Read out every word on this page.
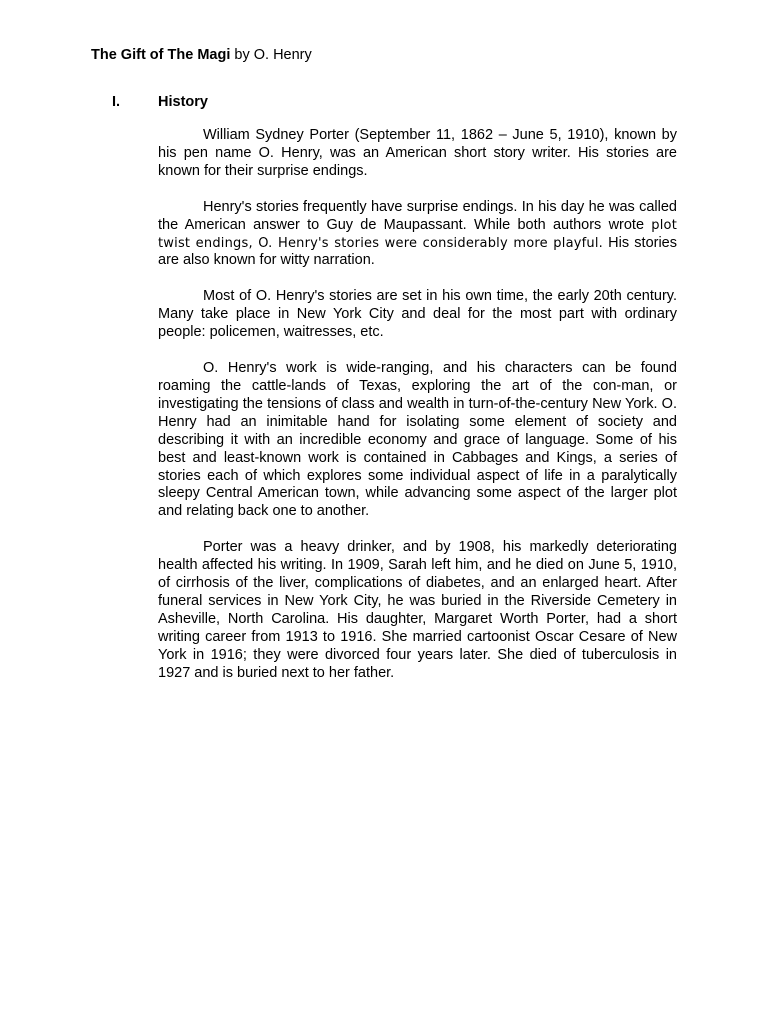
The Gift of The Magi by O. Henry
I.	History

William Sydney Porter (September 11, 1862 – June 5, 1910), known by his pen name O. Henry, was an American short story writer. His stories are known for their surprise endings.

Henry's stories frequently have surprise endings. In his day he was called the American answer to Guy de Maupassant. While both authors wrote plot twist endings, O. Henry's stories were considerably more playful. His stories are also known for witty narration.

Most of O. Henry's stories are set in his own time, the early 20th century. Many take place in New York City and deal for the most part with ordinary people: policemen, waitresses, etc.

O. Henry's work is wide-ranging, and his characters can be found roaming the cattle-lands of Texas, exploring the art of the con-man, or investigating the tensions of class and wealth in turn-of-the-century New York. O. Henry had an inimitable hand for isolating some element of society and describing it with an incredible economy and grace of language. Some of his best and least-known work is contained in Cabbages and Kings, a series of stories each of which explores some individual aspect of life in a paralytically sleepy Central American town, while advancing some aspect of the larger plot and relating back one to another.

Porter was a heavy drinker, and by 1908, his markedly deteriorating health affected his writing. In 1909, Sarah left him, and he died on June 5, 1910, of cirrhosis of the liver, complications of diabetes, and an enlarged heart. After funeral services in New York City, he was buried in the Riverside Cemetery in Asheville, North Carolina. His daughter, Margaret Worth Porter, had a short writing career from 1913 to 1916. She married cartoonist Oscar Cesare of New York in 1916; they were divorced four years later. She died of tuberculosis in 1927 and is buried next to her father.
